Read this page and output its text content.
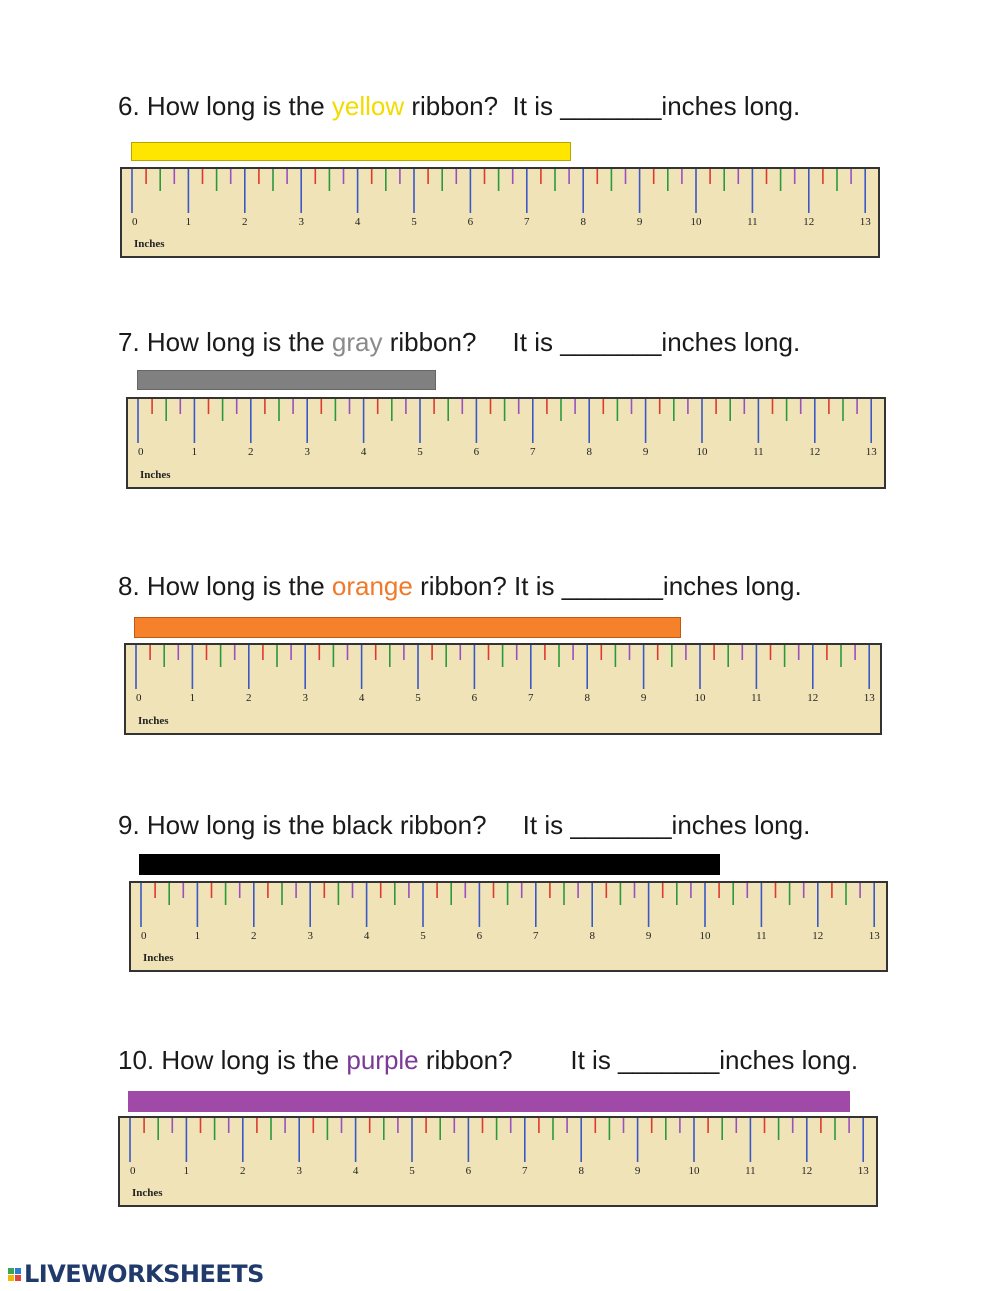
6. How long is the yellow ribbon?  It is _______inches long.
0	1	2	3	4	5	6	7	8	9	10	11	12	13
Inches
7. How long is the gray ribbon?     It is _______inches long.
0	1	2	3	4	5	6	7	8	9	10	11	12	13
Inches
8. How long is the orange ribbon? It is _______inches long.
0	1	2	3	4	5	6	7	8	9	10	11	12	13
Inches
9. How long is the black ribbon?     It is _______inches long.
0	1	2	3	4	5	6	7	8	9	10	11	12	13
Inches
10. How long is the purple ribbon?        It is _______inches long.
0	1	2	3	4	5	6	7	8	9	10	11	12	13
Inches
LIVEWORKSHEETS
